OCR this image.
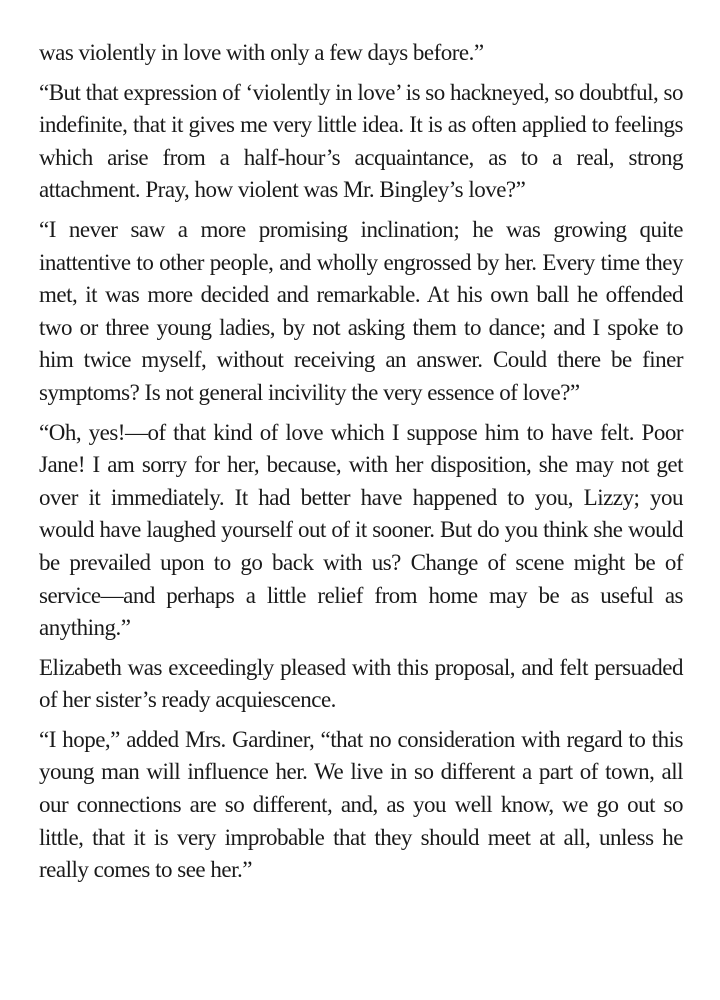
was violently in love with only a few days before.”

“But that expression of ‘violently in love’ is so hackneyed, so doubtful, so indefinite, that it gives me very little idea. It is as often applied to feelings which arise from a half-hour’s acquaintance, as to a real, strong attachment. Pray, how violent was Mr. Bingley’s love?”

“I never saw a more promising inclination; he was growing quite inattentive to other people, and wholly engrossed by her. Every time they met, it was more decided and remarkable. At his own ball he offended two or three young ladies, by not asking them to dance; and I spoke to him twice myself, without receiving an answer. Could there be finer symptoms? Is not general incivility the very essence of love?”

“Oh, yes!—of that kind of love which I suppose him to have felt. Poor Jane! I am sorry for her, because, with her disposition, she may not get over it immediately. It had better have happened to you, Lizzy; you would have laughed yourself out of it sooner. But do you think she would be prevailed upon to go back with us? Change of scene might be of service—and perhaps a little relief from home may be as useful as anything.”

Elizabeth was exceedingly pleased with this proposal, and felt persuaded of her sister’s ready acquiescence.

“I hope,” added Mrs. Gardiner, “that no consideration with regard to this young man will influence her. We live in so different a part of town, all our connections are so different, and, as you well know, we go out so little, that it is very improbable that they should meet at all, unless he really comes to see her.”
